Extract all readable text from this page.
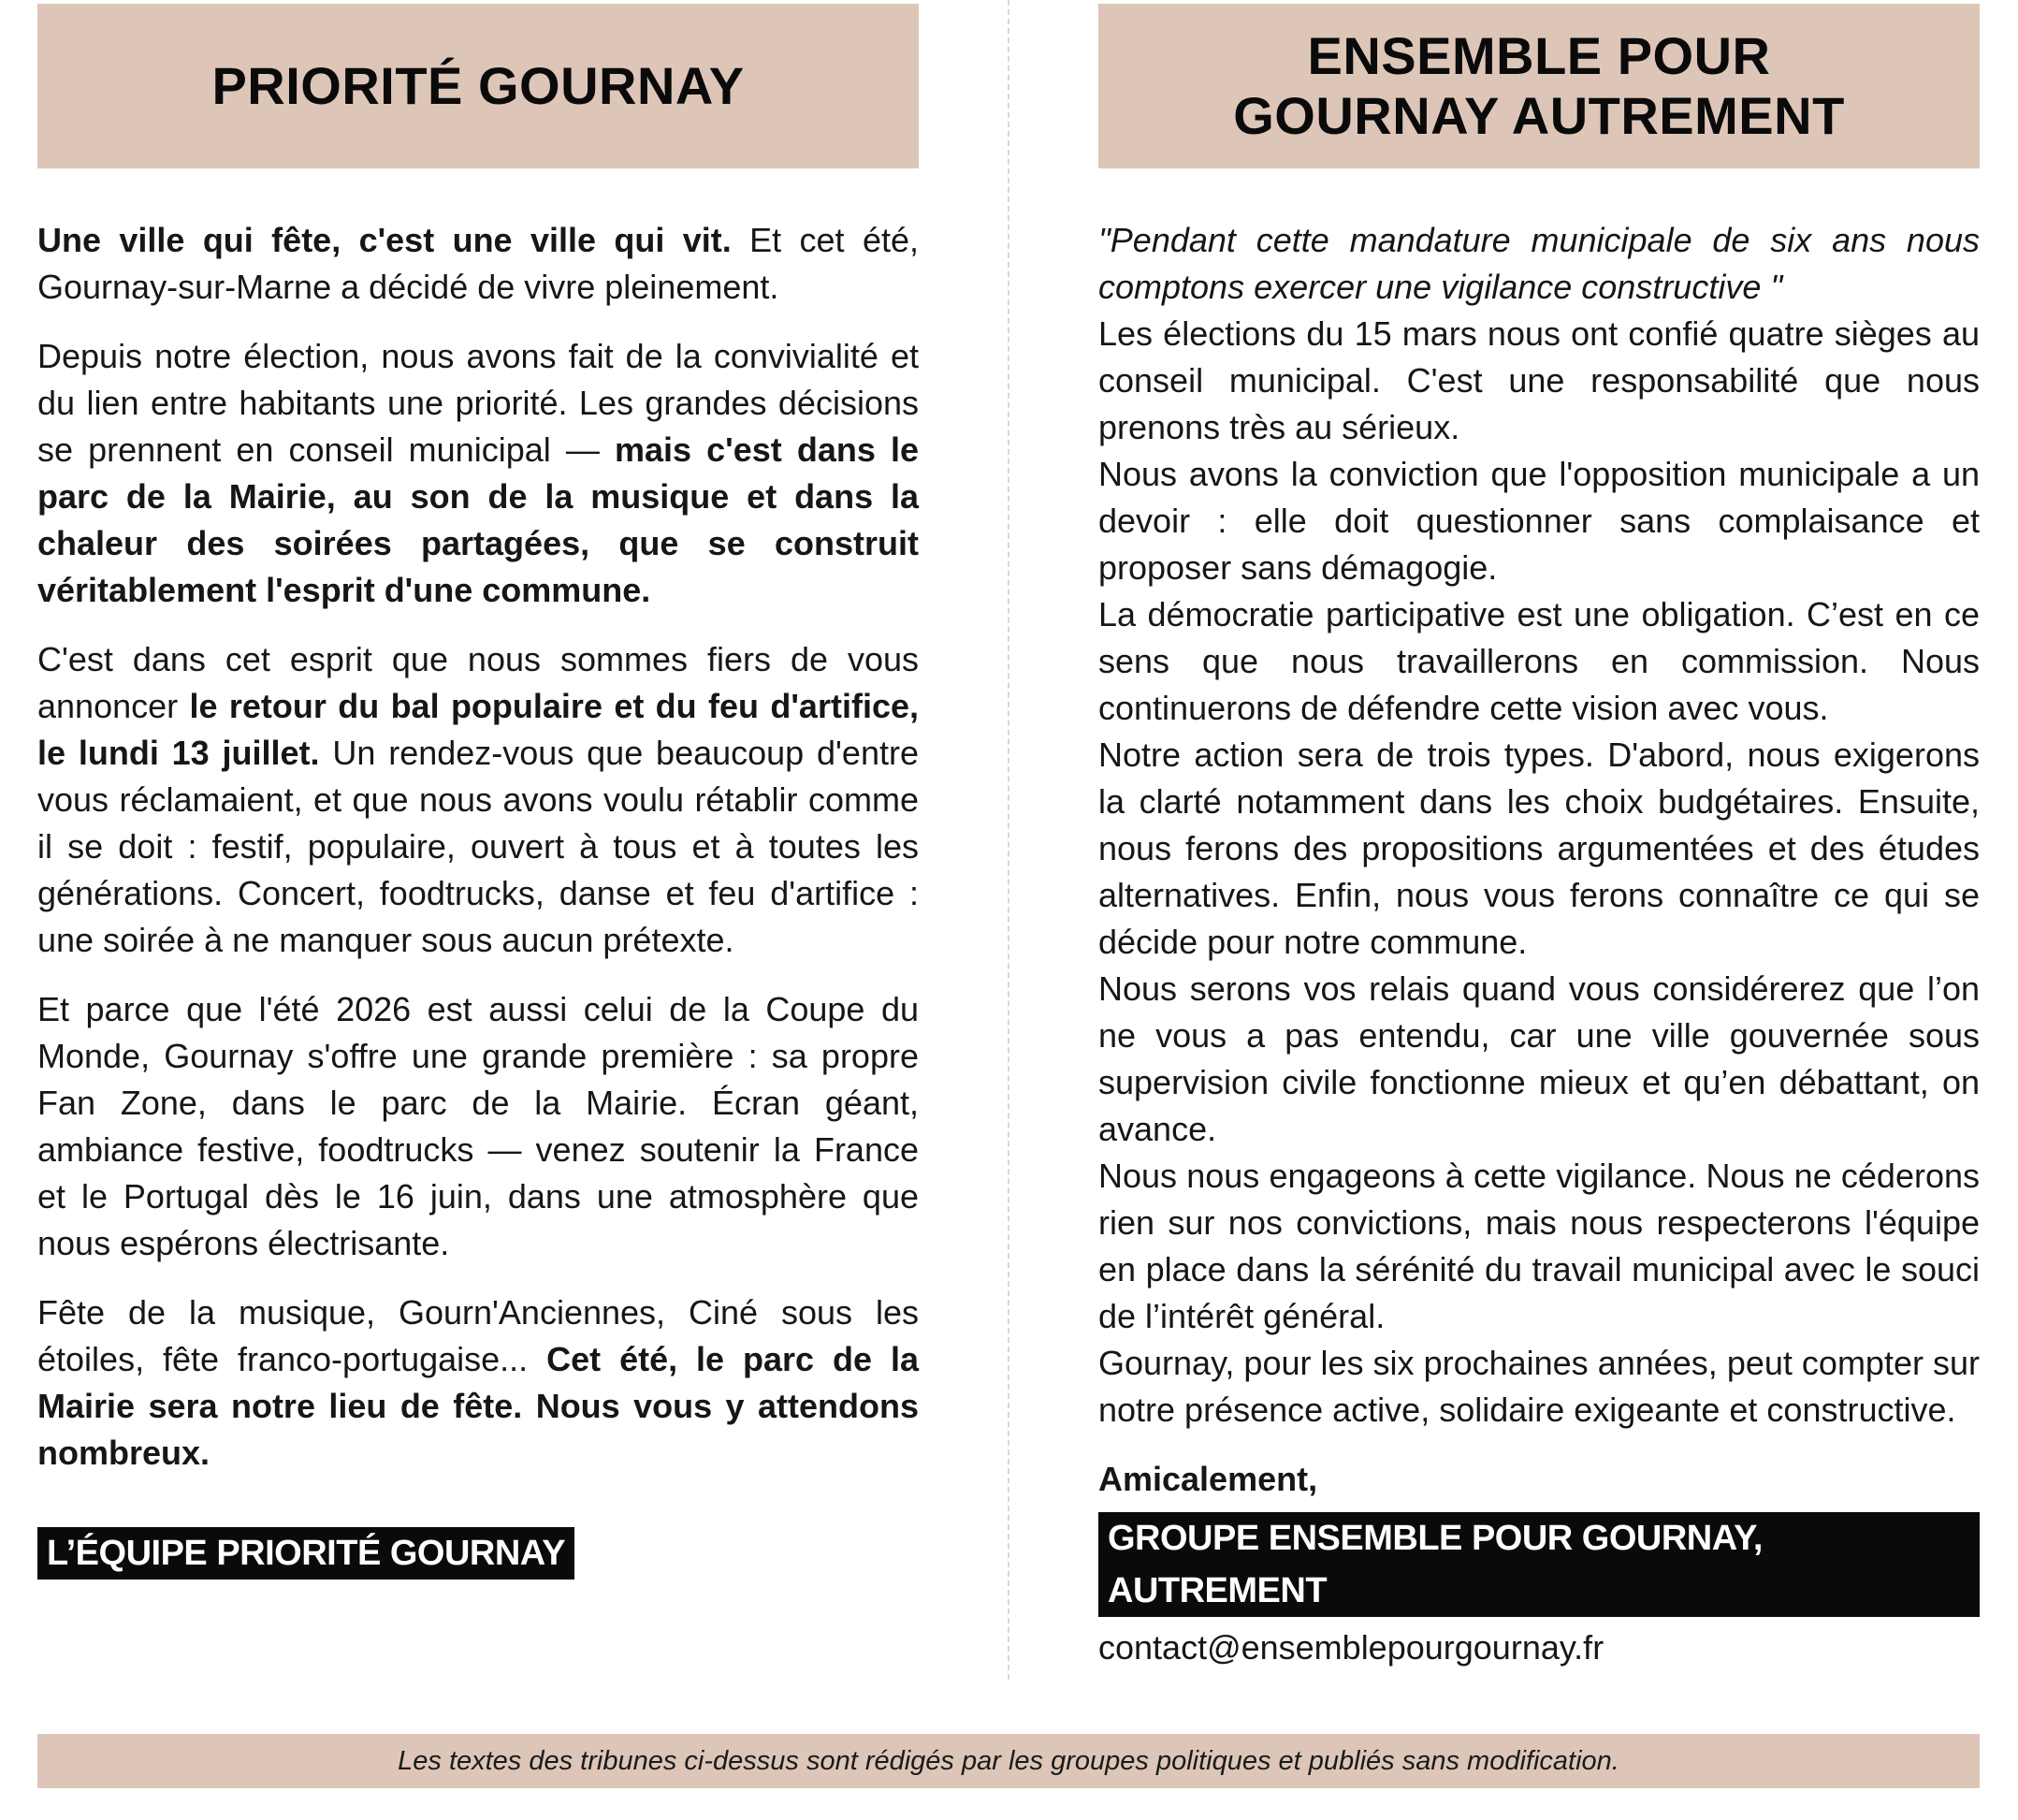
PRIORITÉ GOURNAY

Une ville qui fête, c'est une ville qui vit. Et cet été, Gournay-sur-Marne a décidé de vivre pleinement.

Depuis notre élection, nous avons fait de la convivialité et du lien entre habitants une priorité. Les grandes décisions se prennent en conseil municipal — mais c'est dans le parc de la Mairie, au son de la musique et dans la chaleur des soirées partagées, que se construit véritablement l'esprit d'une commune.

C'est dans cet esprit que nous sommes fiers de vous annoncer le retour du bal populaire et du feu d'artifice, le lundi 13 juillet. Un rendez-vous que beaucoup d'entre vous réclamaient, et que nous avons voulu rétablir comme il se doit : festif, populaire, ouvert à tous et à toutes les générations. Concert, foodtrucks, danse et feu d'artifice : une soirée à ne manquer sous aucun prétexte.

Et parce que l'été 2026 est aussi celui de la Coupe du Monde, Gournay s'offre une grande première : sa propre Fan Zone, dans le parc de la Mairie. Écran géant, ambiance festive, foodtrucks — venez soutenir la France et le Portugal dès le 16 juin, dans une atmosphère que nous espérons électrisante.

Fête de la musique, Gourn'Anciennes, Ciné sous les étoiles, fête franco-portugaise... Cet été, le parc de la Mairie sera notre lieu de fête. Nous vous y attendons nombreux.

L’ÉQUIPE PRIORITÉ GOURNAY
ENSEMBLE POUR
GOURNAY AUTREMENT

"Pendant cette mandature municipale de six ans nous comptons exercer une vigilance constructive "

Les élections du 15 mars nous ont confié quatre sièges au conseil municipal. C'est une responsabilité que nous prenons très au sérieux.

Nous avons la conviction que l'opposition municipale a un devoir : elle doit questionner sans complaisance et proposer sans démagogie.

La démocratie participative est une obligation. C’est en ce sens que nous travaillerons en commission. Nous continuerons de défendre cette vision avec vous.

Notre action sera de trois types. D'abord, nous exigerons la clarté notamment dans les choix budgétaires. Ensuite, nous ferons des propositions argumentées et des études alternatives. Enfin, nous vous ferons connaître ce qui se décide pour notre commune.

Nous serons vos relais quand vous considérerez que l’on ne vous a pas entendu, car une ville gouvernée sous supervision civile fonctionne mieux et qu’en débattant, on avance.

Nous nous engageons à cette vigilance. Nous ne céderons rien sur nos convictions, mais nous respecterons l'équipe en place dans la sérénité du travail municipal avec le souci de l’intérêt général.

Gournay, pour les six prochaines années, peut compter sur notre présence active, solidaire exigeante et constructive.

Amicalement,
GROUPE ENSEMBLE POUR GOURNAY, AUTREMENT
contact@ensemblepourgournay.fr
Les textes des tribunes ci-dessus sont rédigés par les groupes politiques et publiés sans modification.
